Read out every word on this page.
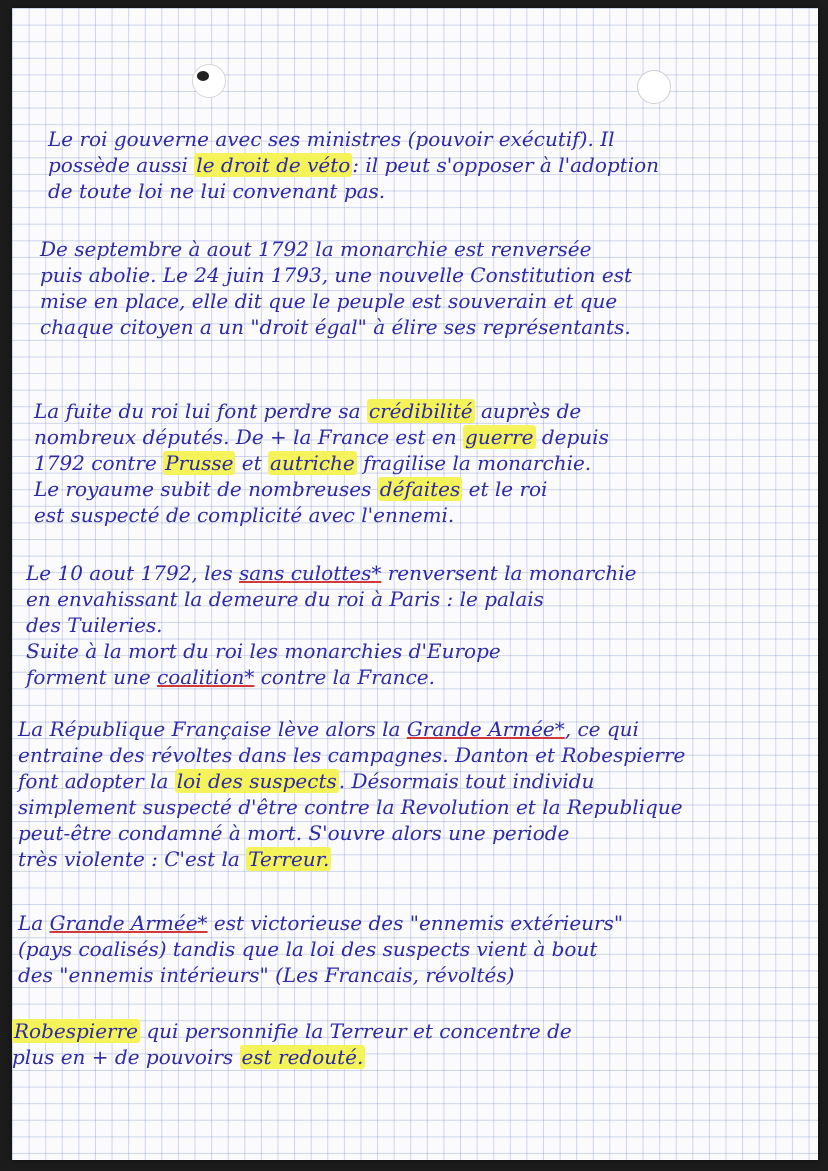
Le roi gouverne avec ses ministres (pouvoir exécutif). Il
possède aussi le droit de véto : il peut s'opposer à l'adoption
de toute loi ne lui convenant pas.
De septembre à aout 1792 la monarchie est renversée
puis abolie. Le 24 juin 1793, une nouvelle Constitution est
mise en place, elle dit que le peuple est souverain et que
chaque citoyen a un "droit égal" à élire ses représentants.
La fuite du roi lui font perdre sa crédibilité auprès de
nombreux députés. De + la France est en guerre depuis
1792 contre Prusse et autriche fragilise la monarchie.
Le royaume subit de nombreuses défaites et le roi
est suspecté de complicité avec l'ennemi.
Le 10 aout 1792, les sans culottes* renversent la monarchie
en envahissant la demeure du roi à Paris : le palais
des Tuileries.
Suite à la mort du roi les monarchies d'Europe
forment une coalition* contre la France.
La République Française lève alors la Grande Armée*, ce qui
entraine des révoltes dans les campagnes. Danton et Robespierre
font adopter la loi des suspects . Désormais tout individu
simplement suspecté d'être contre la Revolution et la Republique
peut-être condamné à mort. S'ouvre alors une periode
très violente : C'est la Terreur.
La Grande Armée* est victorieuse des "ennemis extérieurs"
(pays coalisés) tandis que la loi des suspects vient à bout
des "ennemis intérieurs" (Les Francais, révoltés)
Robespierre qui personnifie la Terreur et concentre de
plus en + de pouvoirs est redouté.
